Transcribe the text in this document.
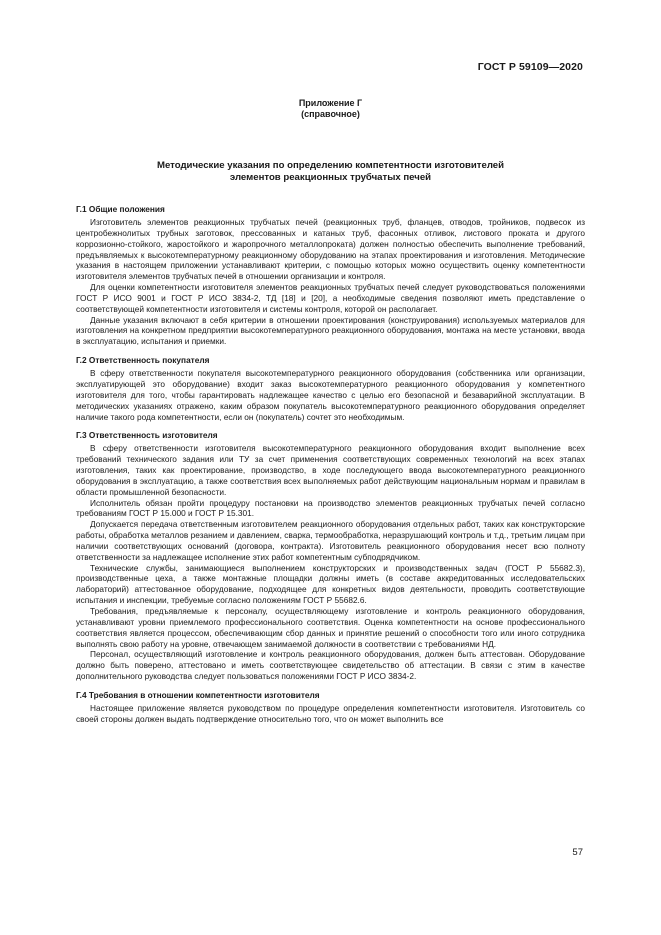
ГОСТ Р 59109—2020

Приложение Г

(справочное)

Методические указания по определению компетентности изготовителей
элементов реакционных трубчатых печей
Г.1 Общие положения

Изготовитель элементов реакционных трубчатых печей (реакционных труб, фланцев, отводов, тройников, подвесок из центробежнолитых трубных заготовок, прессованных и катаных труб, фасонных отливок, листового проката и другого коррозионно-стойкого, жаростойкого и жаропрочного металлопроката) должен полностью обеспечить выполнение требований, предъявляемых к высокотемпературному реакционному оборудованию на этапах проектирования и изготовления. Методические указания в настоящем приложении устанавливают критерии, с помощью которых можно осуществить оценку компетентности изготовителя элементов трубчатых печей в отношении организации и контроля.

Для оценки компетентности изготовителя элементов реакционных трубчатых печей следует руководствоваться положениями ГОСТ Р ИСО 9001 и ГОСТ Р ИСО 3834-2, ТД [18] и [20], а необходимые сведения позволяют иметь представление о соответствующей компетентности изготовителя и системы контроля, которой он располагает.

Данные указания включают в себя критерии в отношении проектирования (конструирования) используемых материалов для изготовления на конкретном предприятии высокотемпературного реакционного оборудования, монтажа на месте установки, ввода в эксплуатацию, испытания и приемки.

Г.2 Ответственность покупателя

В сферу ответственности покупателя высокотемпературного реакционного оборудования (собственника или организации, эксплуатирующей это оборудование) входит заказ высокотемпературного реакционного оборудования у компетентного изготовителя для того, чтобы гарантировать надлежащее качество с целью его безопасной и безаварийной эксплуатации. В методических указаниях отражено, каким образом покупатель высокотемпературного реакционного оборудования определяет наличие такого рода компетентности, если он (покупатель) сочтет это необходимым.

Г.3 Ответственность изготовителя

В сферу ответственности изготовителя высокотемпературного реакционного оборудования входит выполнение всех требований технического задания или ТУ за счет применения соответствующих современных технологий на всех этапах изготовления, таких как проектирование, производство, в ходе последующего ввода высокотемпературного реакционного оборудования в эксплуатацию, а также соответствия всех выполняемых работ действующим национальным нормам и правилам в области промышленной безопасности.

Исполнитель обязан пройти процедуру постановки на производство элементов реакционных трубчатых печей согласно требованиям ГОСТ Р 15.000 и ГОСТ Р 15.301.

Допускается передача ответственным изготовителем реакционного оборудования отдельных работ, таких как конструкторские работы, обработка металлов резанием и давлением, сварка, термообработка, неразрушающий контроль и т.д., третьим лицам при наличии соответствующих оснований (договора, контракта). Изготовитель реакционного оборудования несет всю полноту ответственности за надлежащее исполнение этих работ компетентным субподрядчиком.

Технические службы, занимающиеся выполнением конструкторских и производственных задач (ГОСТ Р 55682.3), производственные цеха, а также монтажные площадки должны иметь (в составе аккредитованных исследовательских лабораторий) аттестованное оборудование, подходящее для конкретных видов деятельности, проводить соответствующие испытания и инспекции, требуемые согласно положениям ГОСТ Р 55682.6.

Требования, предъявляемые к персоналу, осуществляющему изготовление и контроль реакционного оборудования, устанавливают уровни приемлемого профессионального соответствия. Оценка компетентности на основе профессионального соответствия является процессом, обеспечивающим сбор данных и принятие решений о способности того или иного сотрудника выполнять свою работу на уровне, отвечающем занимаемой должности в соответствии с требованиями НД.

Персонал, осуществляющий изготовление и контроль реакционного оборудования, должен быть аттестован. Оборудование должно быть поверено, аттестовано и иметь соответствующее свидетельство об аттестации. В связи с этим в качестве дополнительного руководства следует пользоваться положениями ГОСТ Р ИСО 3834-2.

Г.4 Требования в отношении компетентности изготовителя

Настоящее приложение является руководством по процедуре определения компетентности изготовителя. Изготовитель со своей стороны должен выдать подтверждение относительно того, что он может выполнить все

57
